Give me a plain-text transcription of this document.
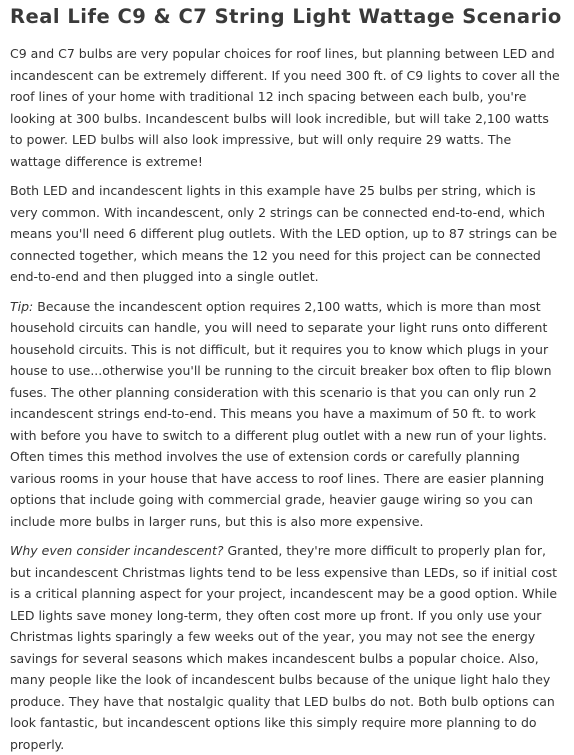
Real Life C9 & C7 String Light Wattage Scenario

C9 and C7 bulbs are very popular choices for roof lines, but planning between LED and incandescent can be extremely different. If you need 300 ft. of C9 lights to cover all the roof lines of your home with traditional 12 inch spacing between each bulb, you're looking at 300 bulbs. Incandescent bulbs will look incredible, but will take 2,100 watts to power. LED bulbs will also look impressive, but will only require 29 watts. The wattage difference is extreme!

Both LED and incandescent lights in this example have 25 bulbs per string, which is very common. With incandescent, only 2 strings can be connected end-to-end, which means you'll need 6 different plug outlets. With the LED option, up to 87 strings can be connected together, which means the 12 you need for this project can be connected end-to-end and then plugged into a single outlet.

Tip: Because the incandescent option requires 2,100 watts, which is more than most household circuits can handle, you will need to separate your light runs onto different household circuits. This is not difficult, but it requires you to know which plugs in your house to use...otherwise you'll be running to the circuit breaker box often to flip blown fuses. The other planning consideration with this scenario is that you can only run 2 incandescent strings end-to-end. This means you have a maximum of 50 ft. to work with before you have to switch to a different plug outlet with a new run of your lights. Often times this method involves the use of extension cords or carefully planning various rooms in your house that have access to roof lines. There are easier planning options that include going with commercial grade, heavier gauge wiring so you can include more bulbs in larger runs, but this is also more expensive.

Why even consider incandescent? Granted, they're more difficult to properly plan for, but incandescent Christmas lights tend to be less expensive than LEDs, so if initial cost is a critical planning aspect for your project, incandescent may be a good option. While LED lights save money long-term, they often cost more up front. If you only use your Christmas lights sparingly a few weeks out of the year, you may not see the energy savings for several seasons which makes incandescent bulbs a popular choice. Also, many people like the look of incandescent bulbs because of the unique light halo they produce. They have that nostalgic quality that LED bulbs do not. Both bulb options can look fantastic, but incandescent options like this simply require more planning to do properly.
